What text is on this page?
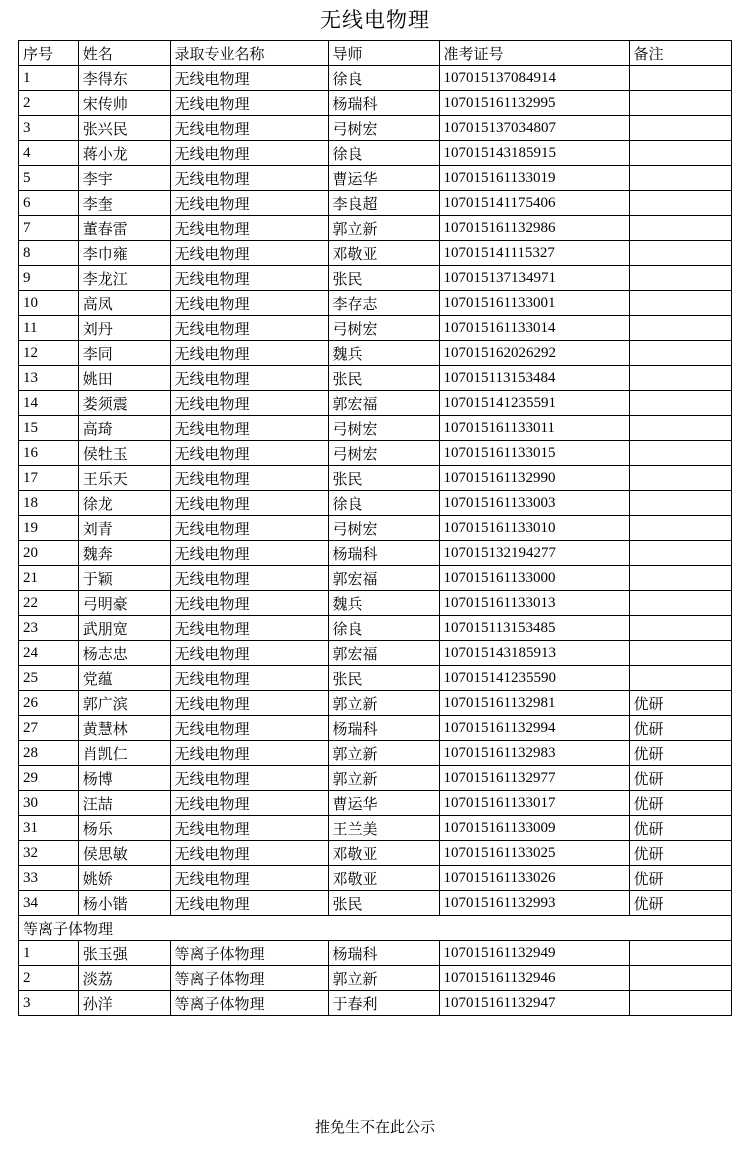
无线电物理
序号	姓名	录取专业名称	导师	准考证号	备注
1	李得东	无线电物理	徐良	107015137084914	
2	宋传帅	无线电物理	杨瑞科	107015161132995	
3	张兴民	无线电物理	弓树宏	107015137034807	
4	蒋小龙	无线电物理	徐良	107015143185915	
5	李宇	无线电物理	曹运华	107015161133019	
6	李奎	无线电物理	李良超	107015141175406	
7	董春雷	无线电物理	郭立新	107015161132986	
8	李巾雍	无线电物理	邓敬亚	107015141115327	
9	李龙江	无线电物理	张民	107015137134971	
10	高凤	无线电物理	李存志	107015161133001	
11	刘丹	无线电物理	弓树宏	107015161133014	
12	李同	无线电物理	魏兵	107015162026292	
13	姚田	无线电物理	张民	107015113153484	
14	娄须震	无线电物理	郭宏福	107015141235591	
15	高琦	无线电物理	弓树宏	107015161133011	
16	侯牡玉	无线电物理	弓树宏	107015161133015	
17	王乐天	无线电物理	张民	107015161132990	
18	徐龙	无线电物理	徐良	107015161133003	
19	刘青	无线电物理	弓树宏	107015161133010	
20	魏奔	无线电物理	杨瑞科	107015132194277	
21	于颖	无线电物理	郭宏福	107015161133000	
22	弓明豪	无线电物理	魏兵	107015161133013	
23	武朋宽	无线电物理	徐良	107015113153485	
24	杨志忠	无线电物理	郭宏福	107015143185913	
25	党蕴	无线电物理	张民	107015141235590	
26	郭广滨	无线电物理	郭立新	107015161132981	优研
27	黄慧林	无线电物理	杨瑞科	107015161132994	优研
28	肖凯仁	无线电物理	郭立新	107015161132983	优研
29	杨博	无线电物理	郭立新	107015161132977	优研
30	汪喆	无线电物理	曹运华	107015161133017	优研
31	杨乐	无线电物理	王兰美	107015161133009	优研
32	侯思敏	无线电物理	邓敬亚	107015161133025	优研
33	姚娇	无线电物理	邓敬亚	107015161133026	优研
34	杨小锴	无线电物理	张民	107015161132993	优研
等离子体物理					
1	张玉强	等离子体物理	杨瑞科	107015161132949	
2	淡荔	等离子体物理	郭立新	107015161132946	
3	孙洋	等离子体物理	于春利	107015161132947	
推免生不在此公示
